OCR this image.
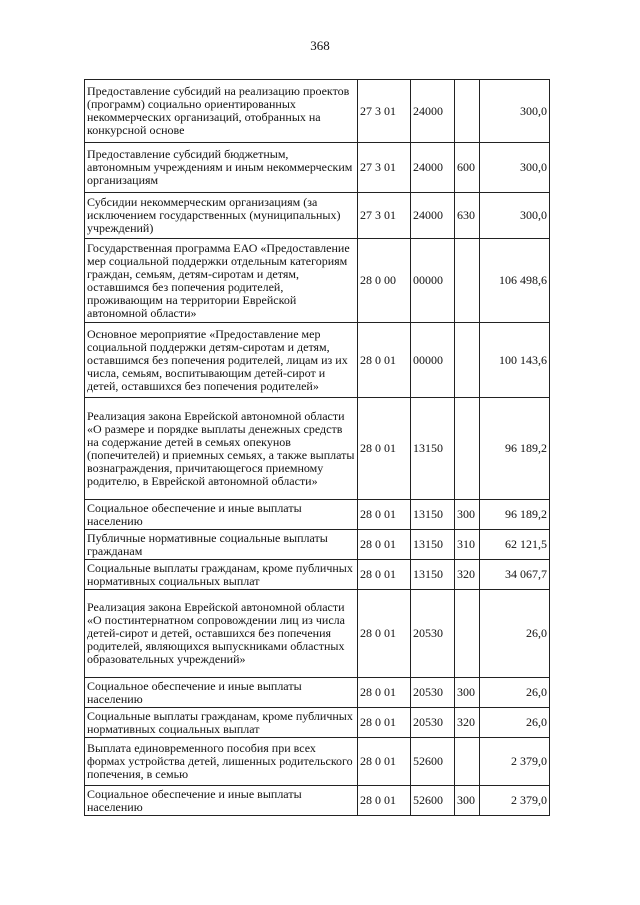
368
Предоставление субсидий на реализацию проектов (программ) социально ориентированных некоммерческих организаций, отобранных на конкурсной основе	27 3 01	24000		300,0
Предоставление субсидий бюджетным, автономным учреждениям и иным некоммерческим организациям	27 3 01	24000	600	300,0
Субсидии некоммерческим организациям (за исключением государственных (муниципальных) учреждений)	27 3 01	24000	630	300,0
Государственная программа ЕАО «Предоставление мер социальной поддержки отдельным категориям граждан, семьям, детям-сиротам и детям, оставшимся без попечения родителей, проживающим на территории Еврейской автономной области»	28 0 00	00000		106 498,6
Основное мероприятие «Предоставление мер социальной поддержки детям-сиротам и детям, оставшимся без попечения родителей, лицам из их числа, семьям, воспитывающим детей-сирот и детей, оставшихся без попечения родителей»	28 0 01	00000		100 143,6
Реализация закона Еврейской автономной области «О размере и порядке выплаты денежных средств на содержание детей в семьях опекунов (попечителей) и приемных семьях, а также выплаты вознаграждения, причитающегося приемному родителю, в Еврейской автономной области»	28 0 01	13150		96 189,2
Социальное обеспечение и иные выплаты населению	28 0 01	13150	300	96 189,2
Публичные нормативные социальные выплаты гражданам	28 0 01	13150	310	62 121,5
Социальные выплаты гражданам, кроме публичных нормативных социальных выплат	28 0 01	13150	320	34 067,7
Реализация закона Еврейской автономной области «О постинтернатном сопровождении лиц из числа детей-сирот и детей, оставшихся без попечения родителей, являющихся выпускниками областных образовательных учреждений»	28 0 01	20530		26,0
Социальное обеспечение и иные выплаты населению	28 0 01	20530	300	26,0
Социальные выплаты гражданам, кроме публичных нормативных социальных выплат	28 0 01	20530	320	26,0
Выплата единовременного пособия при всех формах устройства детей, лишенных родительского попечения, в семью	28 0 01	52600		2 379,0
Социальное обеспечение и иные выплаты населению	28 0 01	52600	300	2 379,0
